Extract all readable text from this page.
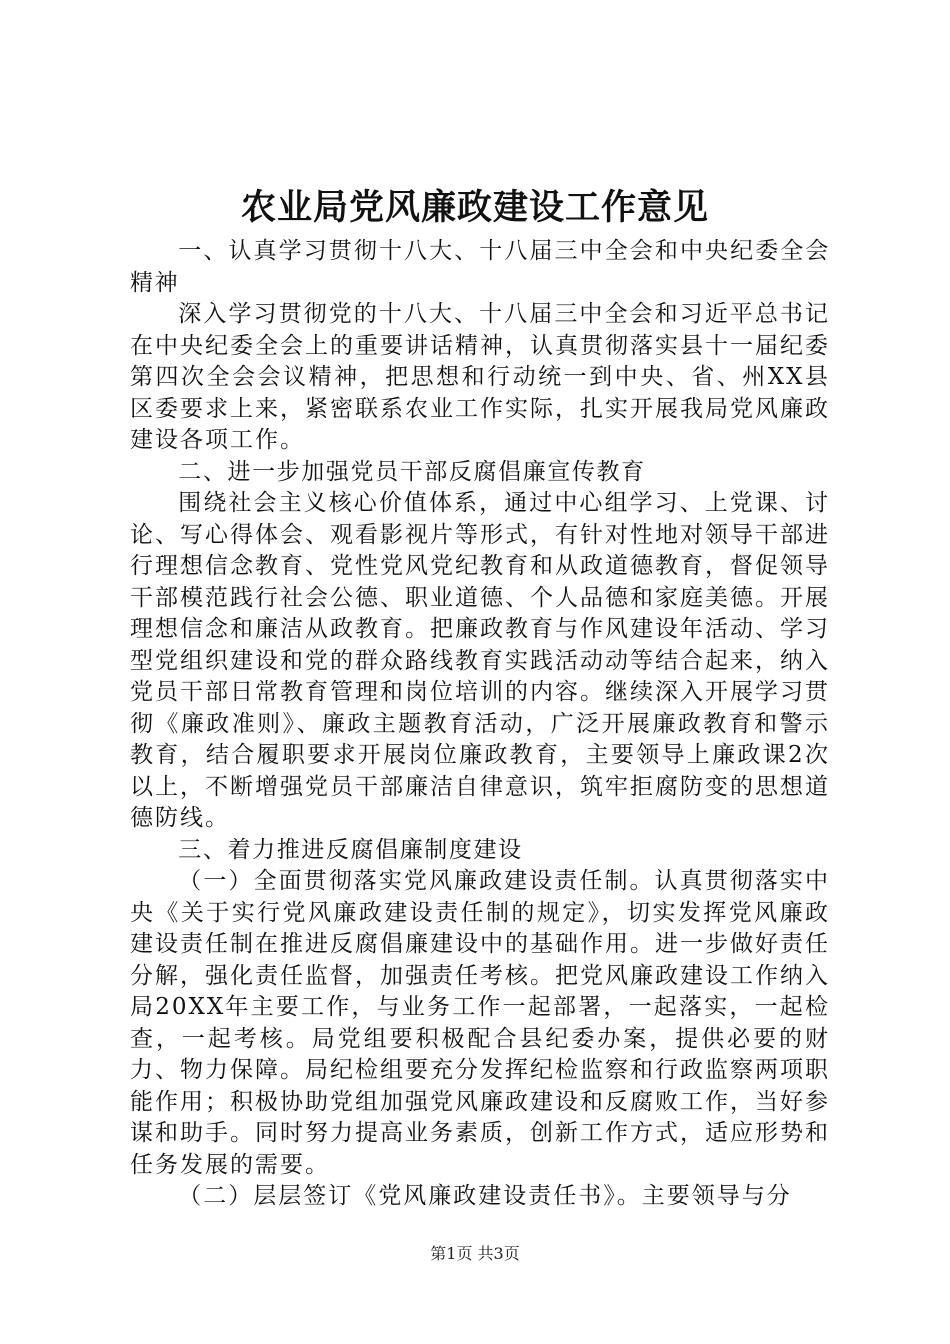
农业局党风廉政建设工作意见

一、认真学习贯彻十八大、十八届三中全会和中央纪委全会精神

深入学习贯彻党的十八大、十八届三中全会和习近平总书记在中央纪委全会上的重要讲话精神，认真贯彻落实县十一届纪委第四次全会会议精神，把思想和行动统一到中央、省、州XX县区委要求上来，紧密联系农业工作实际，扎实开展我局党风廉政建设各项工作。

二、进一步加强党员干部反腐倡廉宣传教育

围绕社会主义核心价值体系，通过中心组学习、上党课、讨论、写心得体会、观看影视片等形式，有针对性地对领导干部进行理想信念教育、党性党风党纪教育和从政道德教育，督促领导干部模范践行社会公德、职业道德、个人品德和家庭美德。开展理想信念和廉洁从政教育。把廉政教育与作风建设年活动、学习型党组织建设和党的群众路线教育实践活动动等结合起来，纳入党员干部日常教育管理和岗位培训的内容。继续深入开展学习贯彻《廉政准则》、廉政主题教育活动，广泛开展廉政教育和警示教育，结合履职要求开展岗位廉政教育，主要领导上廉政课2次以上，不断增强党员干部廉洁自律意识，筑牢拒腐防变的思想道德防线。

三、着力推进反腐倡廉制度建设

（一）全面贯彻落实党风廉政建设责任制。认真贯彻落实中央《关于实行党风廉政建设责任制的规定》，切实发挥党风廉政建设责任制在推进反腐倡廉建设中的基础作用。进一步做好责任分解，强化责任监督，加强责任考核。把党风廉政建设工作纳入局20XX年主要工作，与业务工作一起部署，一起落实，一起检查，一起考核。局党组要积极配合县纪委办案，提供必要的财力、物力保障。局纪检组要充分发挥纪检监察和行政监察两项职能作用；积极协助党组加强党风廉政建设和反腐败工作，当好参谋和助手。同时努力提高业务素质，创新工作方式，适应形势和任务发展的需要。

（二）层层签订《党风廉政建设责任书》。主要领导与分

第1页 共3页
